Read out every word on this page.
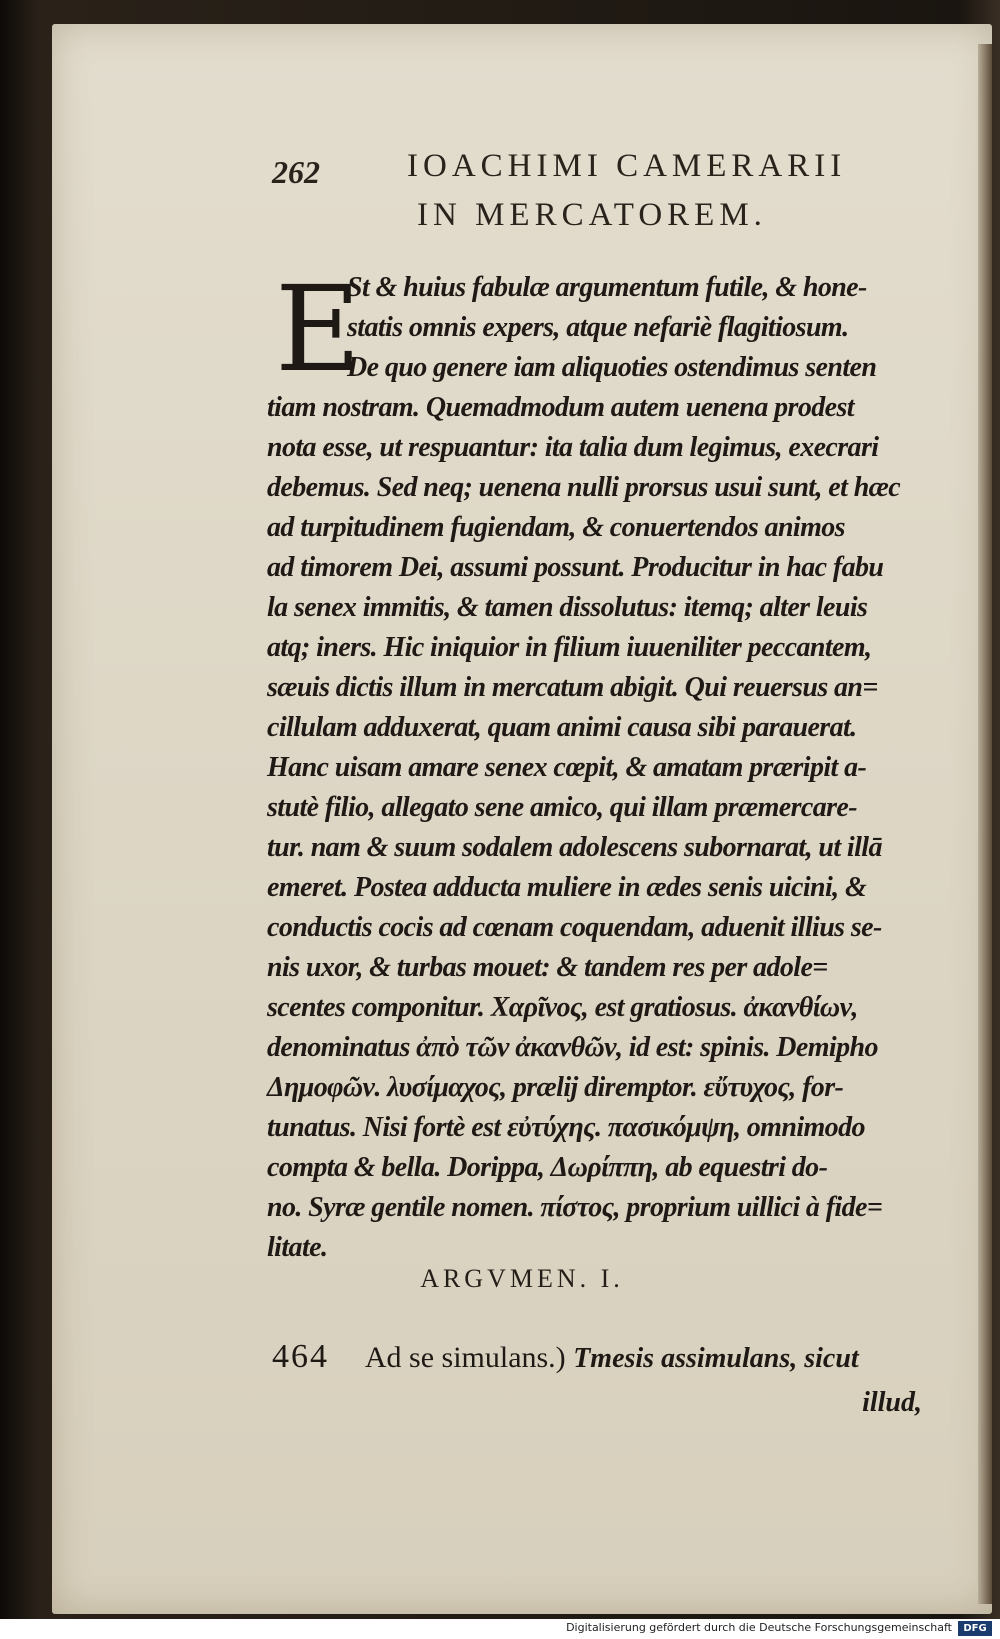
262	IOACHIMI CAMERARII
IN MERCATOREM.
E
St & huius fabulæ argumentum futile, & hone-
statis omnis expers, atque nefariè flagitiosum.
De quo genere iam aliquoties ostendimus senten
tiam nostram. Quemadmodum autem uenena prodest
nota esse, ut respuantur: ita talia dum legimus, execrari
debemus. Sed neq; uenena nulli prorsus usui sunt, et hæc
ad turpitudinem fugiendam, & conuertendos animos
ad timorem Dei, assumi possunt. Producitur in hac fabu
la senex immitis, & tamen dissolutus: itemq; alter leuis
atq; iners. Hic iniquior in filium iuueniliter peccantem,
sæuis dictis illum in mercatum abigit. Qui reuersus an=
cillulam adduxerat, quam animi causa sibi parauerat.
Hanc uisam amare senex cœpit, & amatam præripit a-
stutè filio, allegato sene amico, qui illam præmercare-
tur. nam & suum sodalem adolescens subornarat, ut illā
emeret. Postea adducta muliere in ædes senis uicini, &
conductis cocis ad cœnam coquendam, aduenit illius se-
nis uxor, & turbas mouet: & tandem res per adole=
scentes componitur. Χαρῖνος, est gratiosus. ἀκανθίων,
denominatus ἀπὸ τῶν ἀκανθῶν, id est: spinis. Demipho
Δημοφῶν. λυσίμαχος, prælij diremptor. εὔτυχος, for-
tunatus. Nisi fortè est εὐτύχης. πασικόμψη, omnimodo
compta & bella. Dorippa, Δωρίππη, ab equestri do-
no. Syræ gentile nomen. πίστος, proprium uillici à fide=
litate.
ARGVMEN. I.
464 Ad se simulans.) Tmesis assimulans, sicut
illud,
Digitalisierung gefördert durch die Deutsche Forschungsgemeinschaft	DFG
